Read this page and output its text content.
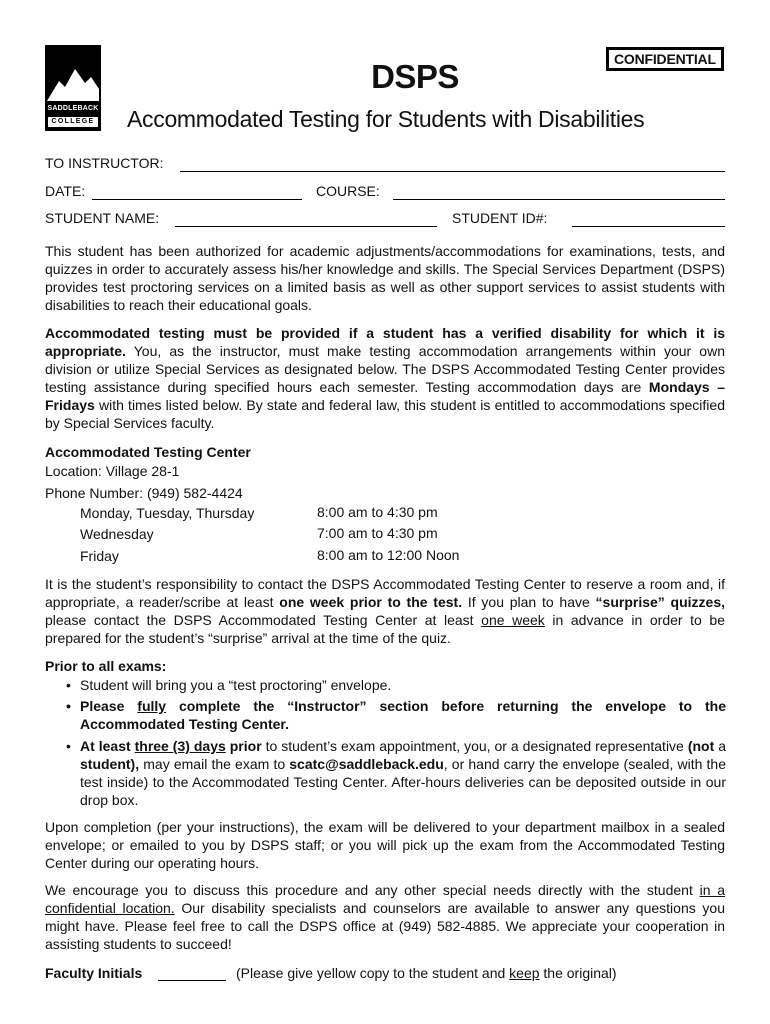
SADDLEBACK
COLLEGE
DSPS	CONFIDENTIAL
Accommodated Testing for Students with Disabilities
TO INSTRUCTOR:
DATE:	COURSE:
STUDENT NAME:	STUDENT ID#:
This student has been authorized for academic adjustments/accommodations for examinations, tests, and quizzes in order to accurately assess his/her knowledge and skills. The Special Services Department (DSPS) provides test proctoring services on a limited basis as well as other support services to assist students with disabilities to reach their educational goals.
Accommodated testing must be provided if a student has a verified disability for which it is appropriate. You, as the instructor, must make testing accommodation arrangements within your own division or utilize Special Services as designated below. The DSPS Accommodated Testing Center provides testing assistance during specified hours each semester. Testing accommodation days are Mondays – Fridays with times listed below. By state and federal law, this student is entitled to accommodations specified by Special Services faculty.
Accommodated Testing Center
Location: Village 28-1
Phone Number: (949) 582-4424
Monday, Tuesday, Thursday	8:00 am to 4:30 pm
Wednesday	7:00 am to 4:30 pm
Friday	8:00 am to 12:00 Noon
It is the student’s responsibility to contact the DSPS Accommodated Testing Center to reserve a room and, if appropriate, a reader/scribe at least one week prior to the test. If you plan to have “surprise” quizzes, please contact the DSPS Accommodated Testing Center at least one week in advance in order to be prepared for the student’s “surprise” arrival at the time of the quiz.
Prior to all exams:
• Student will bring you a “test proctoring” envelope.
• Please fully complete the “Instructor” section before returning the envelope to the Accommodated Testing Center.
• At least three (3) days prior to student’s exam appointment, you, or a designated representative (not a student), may email the exam to scatc@saddleback.edu, or hand carry the envelope (sealed, with the test inside) to the Accommodated Testing Center. After-hours deliveries can be deposited outside in our drop box.
Upon completion (per your instructions), the exam will be delivered to your department mailbox in a sealed envelope; or emailed to you by DSPS staff; or you will pick up the exam from the Accommodated Testing Center during our operating hours.
We encourage you to discuss this procedure and any other special needs directly with the student in a confidential location. Our disability specialists and counselors are available to answer any questions you might have. Please feel free to call the DSPS office at (949) 582-4885. We appreciate your cooperation in assisting students to succeed!
Faculty Initials	(Please give yellow copy to the student and keep the original)
